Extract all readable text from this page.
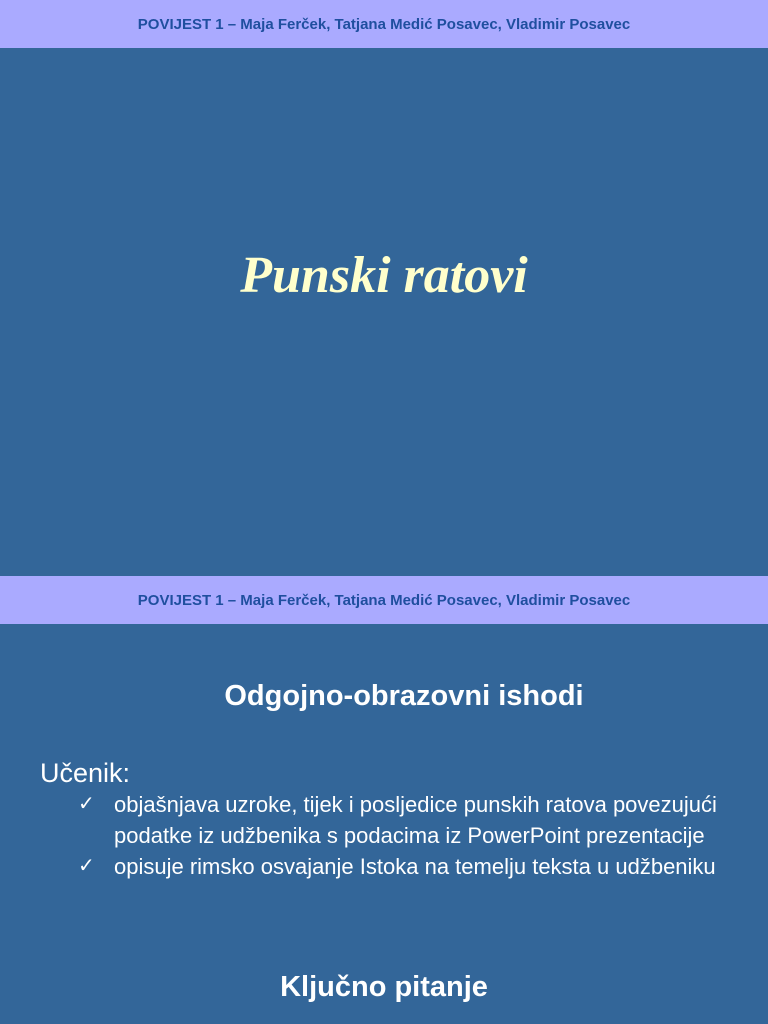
POVIJEST 1 – Maja Ferček, Tatjana Medić Posavec, Vladimir Posavec
Punski ratovi
POVIJEST 1 – Maja Ferček, Tatjana Medić Posavec, Vladimir Posavec
Odgojno-obrazovni ishodi
Učenik:
✓ objašnjava uzroke, tijek i posljedice punskih ratova povezujući podatke iz udžbenika s podacima iz PowerPoint prezentacije
✓ opisuje rimsko osvajanje Istoka na temelju teksta u udžbeniku
Ključno pitanje
